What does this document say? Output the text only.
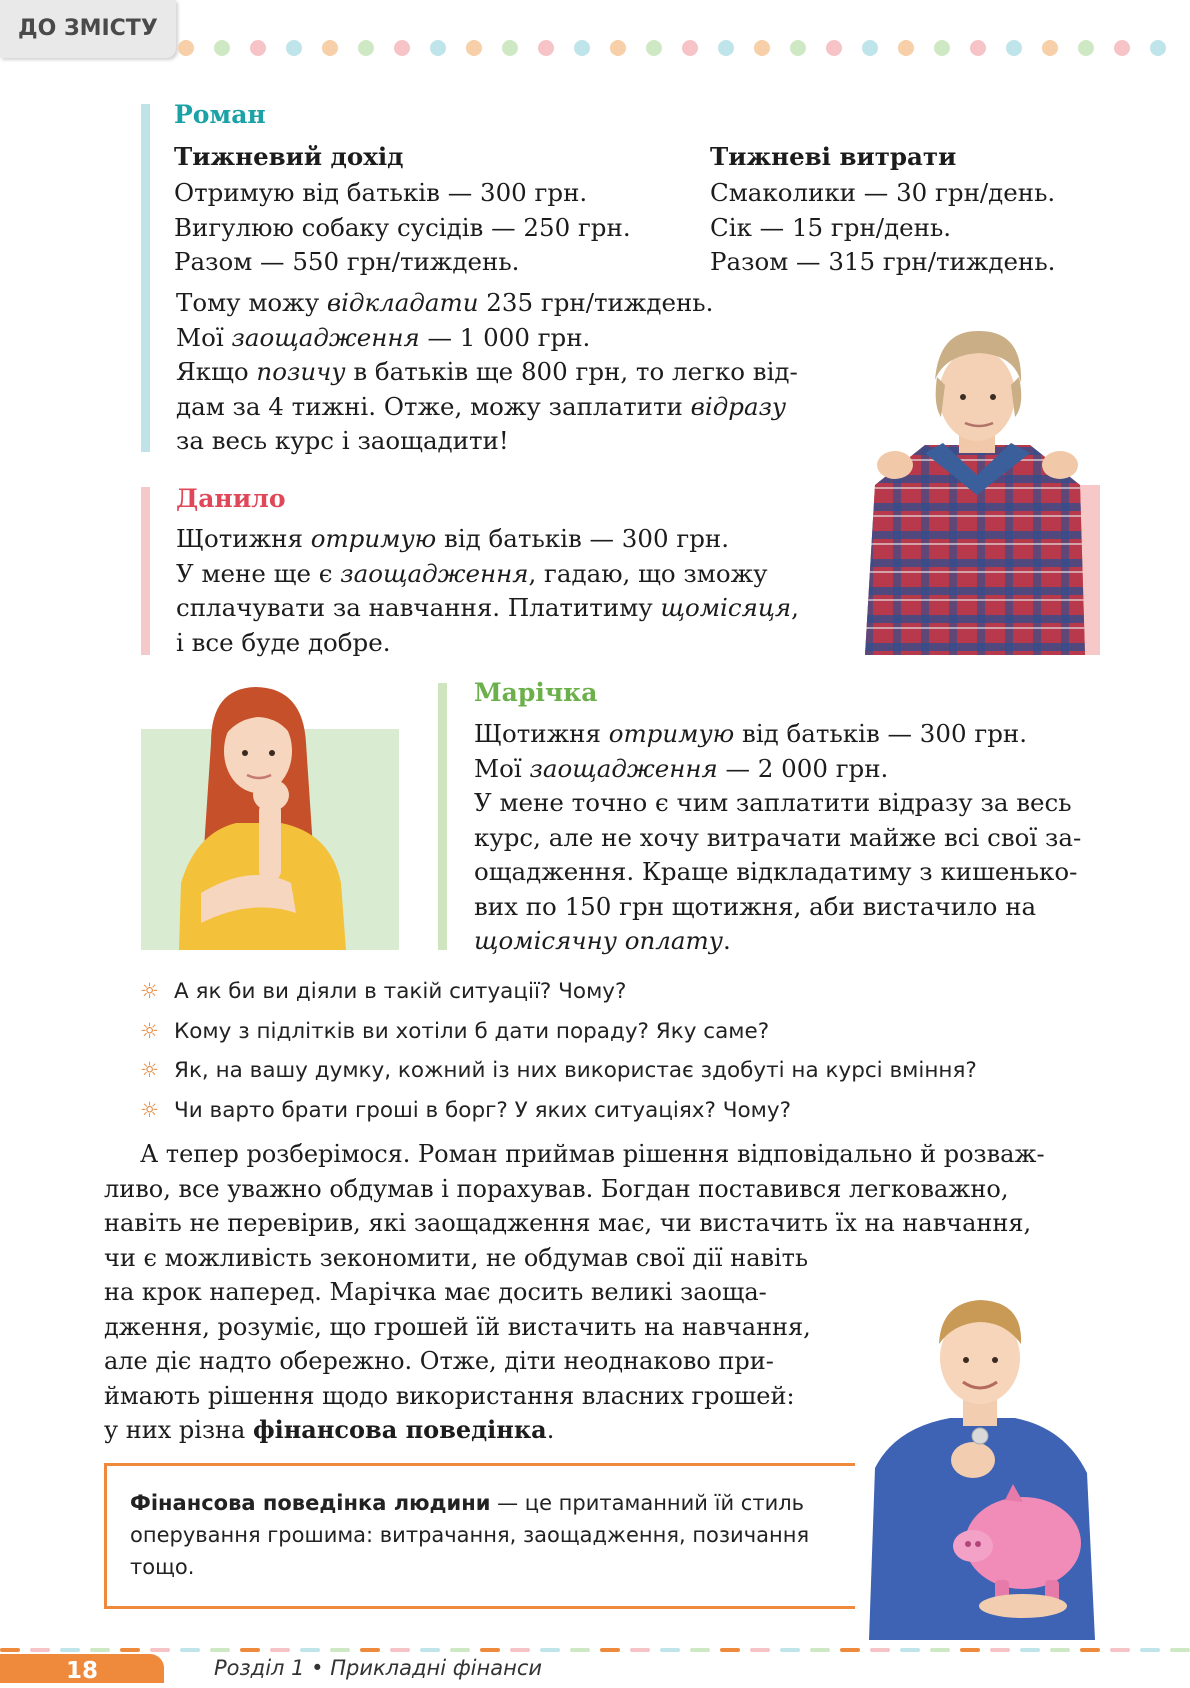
ДО ЗМІСТУ
Роман
Тижневий дохід
Отримую від батьків — 300 грн.
Вигулюю собаку сусідів — 250 грн.
Разом — 550 грн/тиждень.
Тижневі витрати
Смаколики — 30 грн/день.
Сік — 15 грн/день.
Разом — 315 грн/тиждень.
Тому можу відкладати 235 грн/тиждень.
Мої заощадження — 1 000 грн.
Якщо позичу в батьків ще 800 грн, то легко від-
дам за 4 тижні. Отже, можу заплатити відразу
за весь курс і заощадити!
Данило
Щотижня отримую від батьків — 300 грн.
У мене ще є заощадження, гадаю, що зможу
сплачувати за навчання. Платитиму щомісяця,
і все буде добре.
Марічка
Щотижня отримую від батьків — 300 грн.
Мої заощадження — 2 000 грн.
У мене точно є чим заплатити відразу за весь
курс, але не хочу витрачати майже всі свої за-
ощадження. Краще відкладатиму з кишенько-
вих по 150 грн щотижня, аби вистачило на
щомісячну оплату.
☼ А як би ви діяли в такій ситуації? Чому?
☼ Кому з підлітків ви хотіли б дати пораду? Яку саме?
☼ Як, на вашу думку, кожний із них використає здобуті на курсі вміння?
☼ Чи варто брати гроші в борг? У яких ситуаціях? Чому?
А тепер розберімося. Роман приймав рішення відповідально й розваж-
ливо, все уважно обдумав і порахував. Богдан поставився легковажно,
навіть не перевірив, які заощадження має, чи вистачить їх на навчання,
чи є можливість зекономити, не обдумав свої дії навіть
на крок наперед. Марічка має досить великі заоща-
дження, розуміє, що грошей їй вистачить на навчання,
але діє надто обережно. Отже, діти неоднаково при-
ймають рішення щодо використання власних грошей:
у них різна фінансова поведінка.
Фінансова поведінка людини — це притаманний їй стиль оперування грошима: витрачання, заощадження, позичання тощо.
18	Розділ 1 • Прикладні фінанси
